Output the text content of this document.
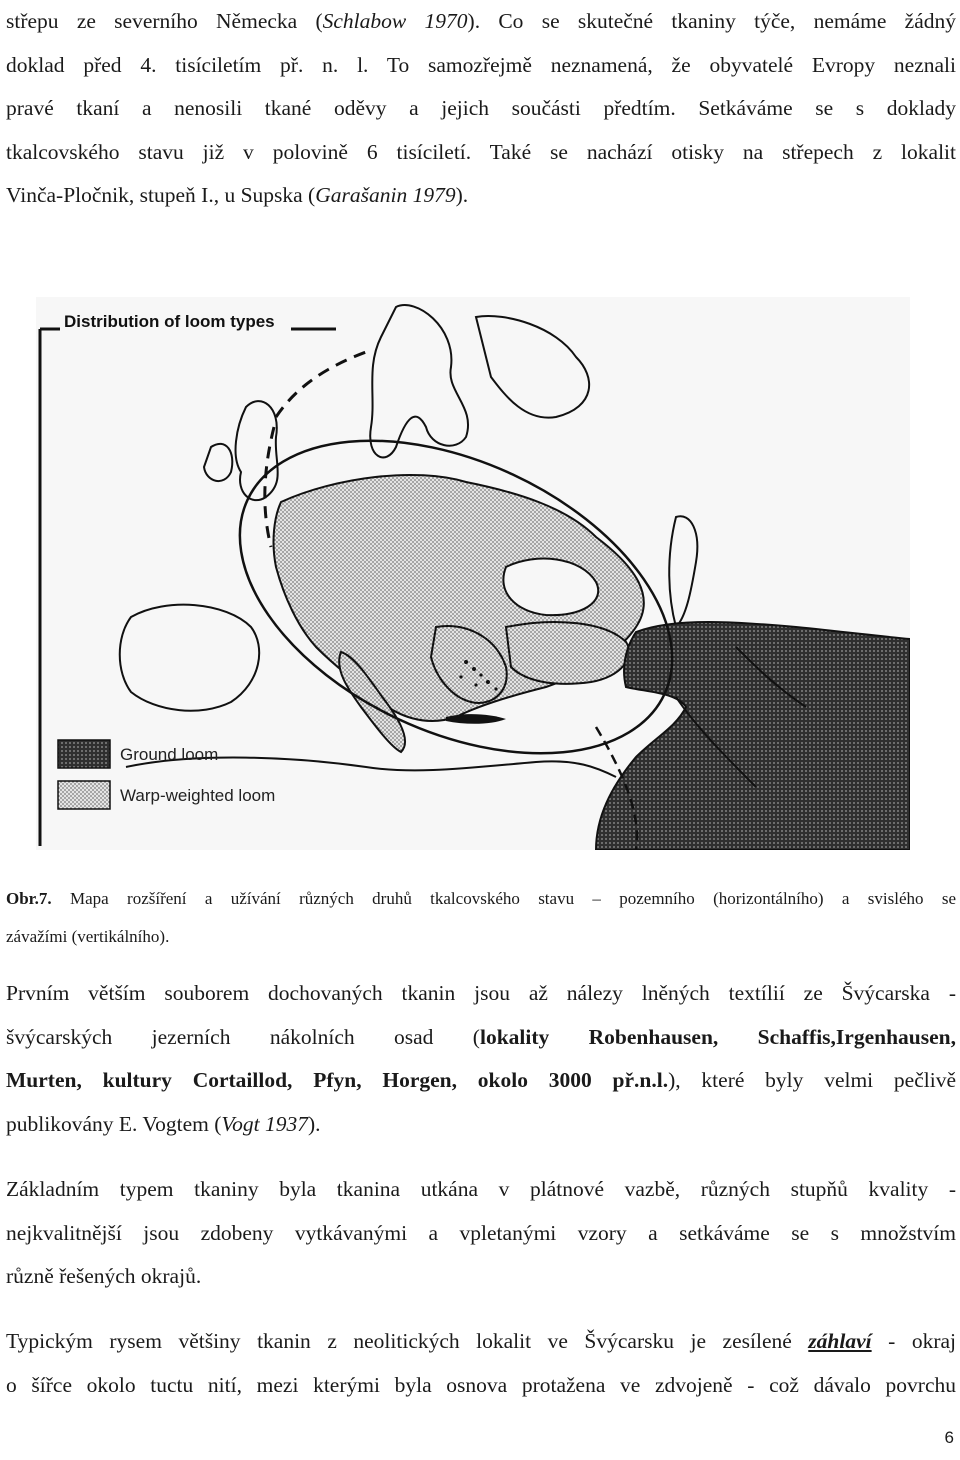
střepu ze severního Německa (Schlabow 1970). Co se skutečné tkaniny týče, nemáme žádný
doklad před 4. tisíciletím př. n. l. To samozřejmě neznamená, že obyvatelé Evropy neznali
pravé tkaní a nenosili tkané oděvy a jejich součásti předtím. Setkáváme se s doklady
tkalcovského stavu již v polovině 6 tisíciletí. Také se nachází otisky na střepech z lokalit
Vinča-Pločnik, stupeň I., u Supska (Garašanin 1979).
Distribution of loom types
Ground loom
Warp-weighted loom

Obr.7. Mapa rozšíření a užívání různých druhů tkalcovského stavu – pozemního (horizontálního) a svislého se
závažími (vertikálního).

Prvním větším souborem dochovaných tkanin jsou až nálezy lněných textílií ze Švýcarska -
švýcarských jezerních nákolních osad (lokality Robenhausen, Schaffis,Irgenhausen,
Murten, kultury Cortaillod, Pfyn, Horgen, okolo 3000 př.n.l.), které byly velmi pečlivě
publikovány E. Vogtem (Vogt 1937).
Základním typem tkaniny byla tkanina utkána v plátnové vazbě, různých stupňů kvality -
nejkvalitnější jsou zdobeny vytkávanými a vpletanými vzory a setkáváme se s množstvím
různě řešených okrajů.
Typickým rysem většiny tkanin z neolitických lokalit ve Švýcarsku je zesílené záhlaví - okraj
o šířce okolo tuctu nití, mezi kterými byla osnova protažena ve zdvojeně - což dávalo povrchu
6
